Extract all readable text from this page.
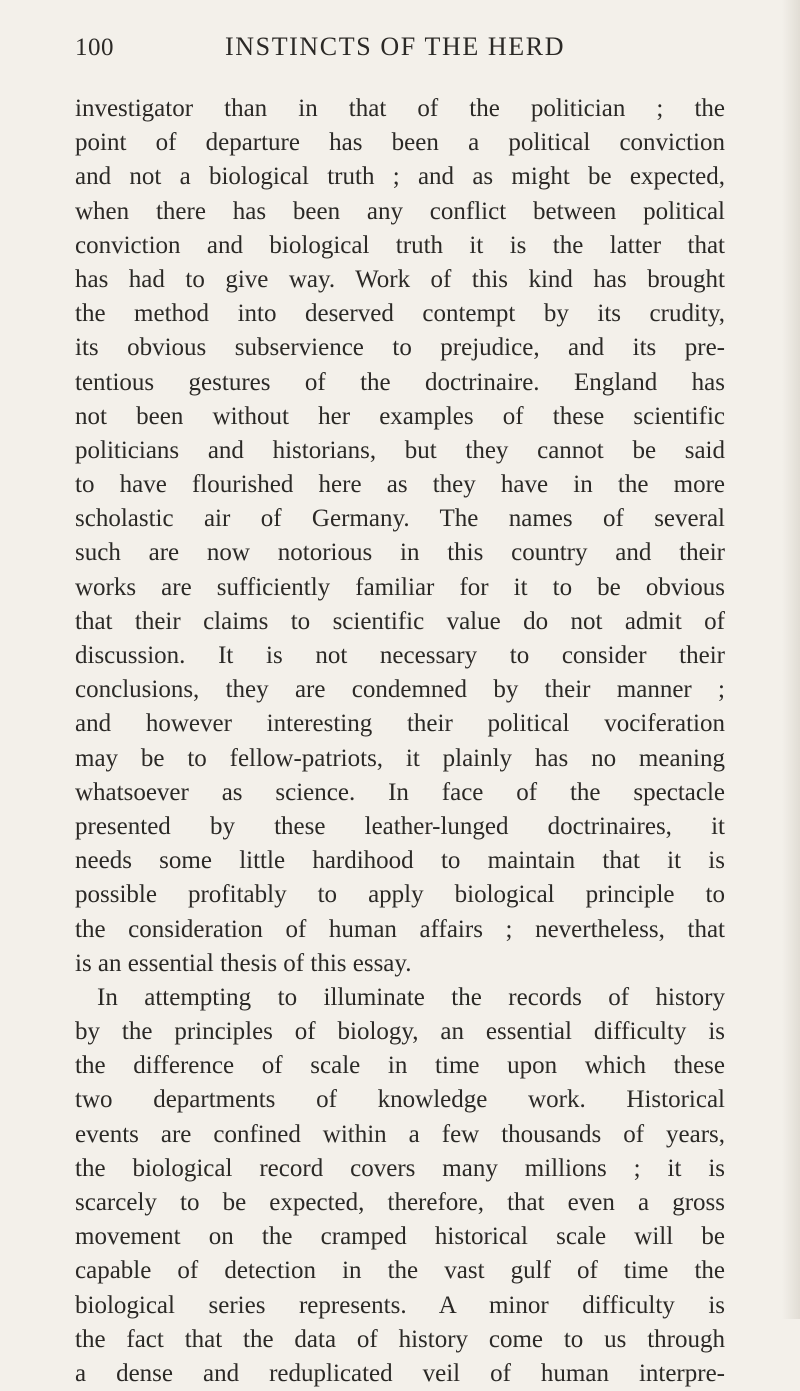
100	INSTINCTS OF THE HERD
investigator than in that of the politician ; the
point of departure has been a political conviction
and not a biological truth ; and as might be expected,
when there has been any conflict between political
conviction and biological truth it is the latter that
has had to give way. Work of this kind has brought
the method into deserved contempt by its crudity,
its obvious subservience to prejudice, and its pre-
tentious gestures of the doctrinaire. England has
not been without her examples of these scientific
politicians and historians, but they cannot be said
to have flourished here as they have in the more
scholastic air of Germany. The names of several
such are now notorious in this country and their
works are sufficiently familiar for it to be obvious
that their claims to scientific value do not admit of
discussion. It is not necessary to consider their
conclusions, they are condemned by their manner ;
and however interesting their political vociferation
may be to fellow-patriots, it plainly has no meaning
whatsoever as science. In face of the spectacle
presented by these leather-lunged doctrinaires, it
needs some little hardihood to maintain that it is
possible profitably to apply biological principle to
the consideration of human affairs ; nevertheless, that
is an essential thesis of this essay.
In attempting to illuminate the records of history
by the principles of biology, an essential difficulty is
the difference of scale in time upon which these
two departments of knowledge work. Historical
events are confined within a few thousands of years,
the biological record covers many millions ; it is
scarcely to be expected, therefore, that even a gross
movement on the cramped historical scale will be
capable of detection in the vast gulf of time the
biological series represents. A minor difficulty is
the fact that the data of history come to us through
a dense and reduplicated veil of human interpre-
